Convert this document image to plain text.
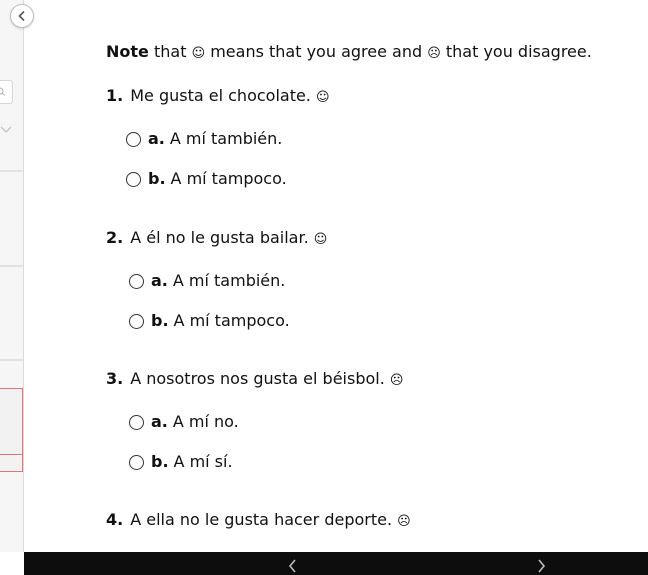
Note that ☺ means that you agree and ☹ that you disagree.
1. Me gusta el chocolate. ☺
a. A mí también.
b. A mí tampoco.
2. A él no le gusta bailar. ☺
a. A mí también.
b. A mí tampoco.
3. A nosotros nos gusta el béisbol. ☹
a. A mí no.
b. A mí sí.
4. A ella no le gusta hacer deporte. ☹
